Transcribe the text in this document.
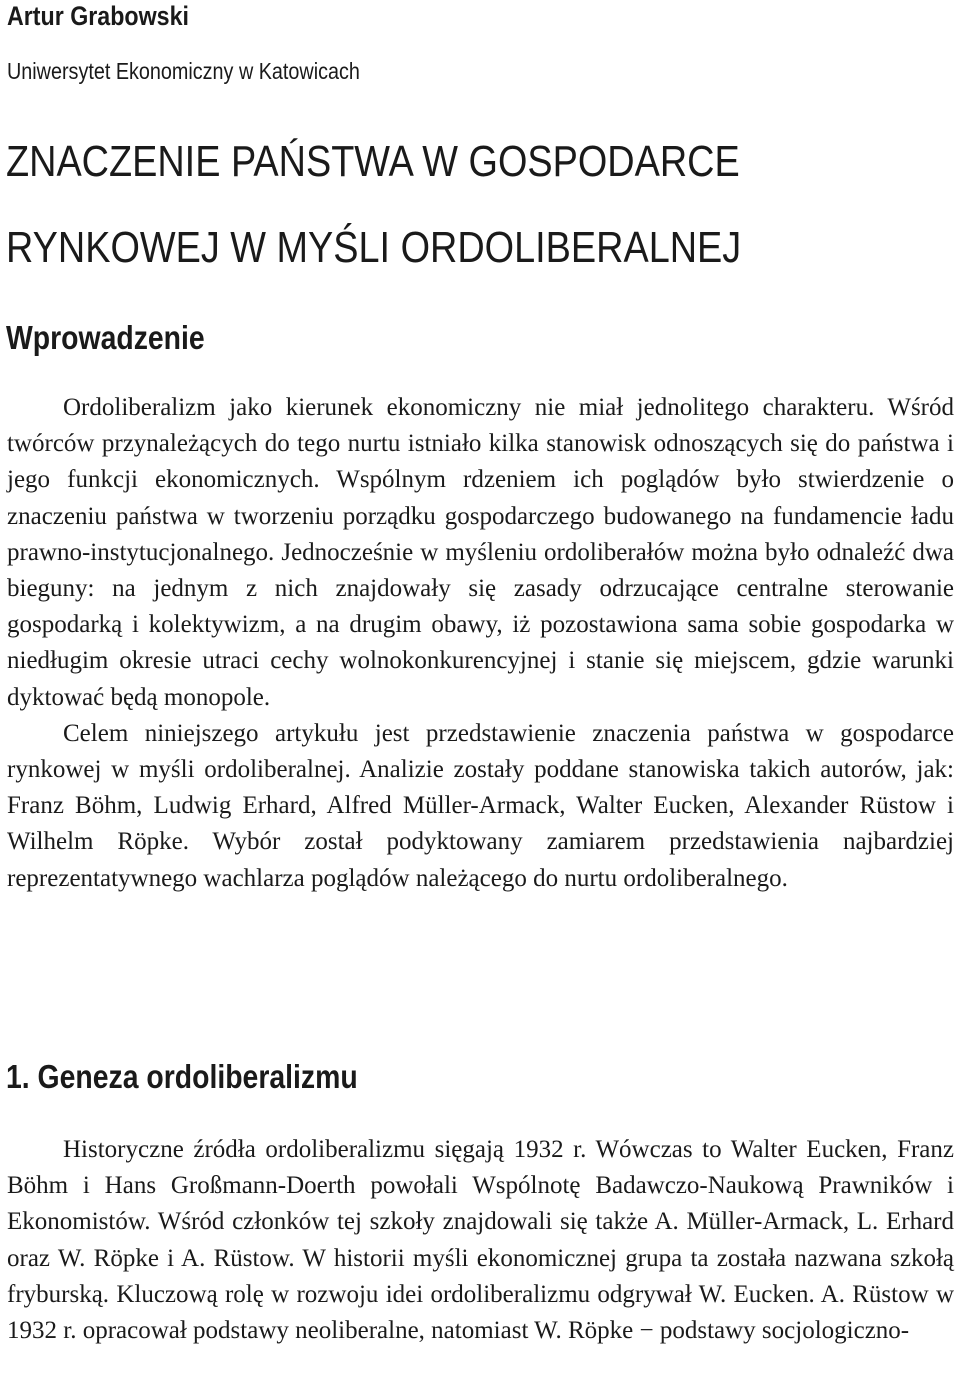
Artur Grabowski
Uniwersytet Ekonomiczny w Katowicach
ZNACZENIE PAŃSTWA W GOSPODARCE
RYNKOWEJ W MYŚLI ORDOLIBERALNEJ
Wprowadzenie

Ordoliberalizm jako kierunek ekonomiczny nie miał jednolitego charakteru. Wśród twórców przynależących do tego nurtu istniało kilka stanowisk odnoszących się do państwa i jego funkcji ekonomicznych. Wspólnym rdzeniem ich poglądów było stwierdzenie o znaczeniu państwa w tworzeniu porządku gospodarczego budowanego na fundamencie ładu prawno-instytucjonalnego. Jednocześnie w myśleniu ordoliberałów można było odnaleźć dwa bieguny: na jednym z nich znajdowały się zasady odrzucające centralne sterowanie gospodarką i kolektywizm, a na drugim obawy, iż pozostawiona sama sobie gospodarka w niedługim okresie utraci cechy wolnokonkurencyjnej i stanie się miejscem, gdzie warunki dyktować będą monopole.

Celem niniejszego artykułu jest przedstawienie znaczenia państwa w gospodarce rynkowej w myśli ordoliberalnej. Analizie zostały poddane stanowiska takich autorów, jak: Franz Böhm, Ludwig Erhard, Alfred Müller-Armack, Walter Eucken, Alexander Rüstow i Wilhelm Röpke. Wybór został podyktowany zamiarem przedstawienia najbardziej reprezentatywnego wachlarza poglądów należącego do nurtu ordoliberalnego.

1. Geneza ordoliberalizmu

Historyczne źródła ordoliberalizmu sięgają 1932 r. Wówczas to Walter Eucken, Franz Böhm i Hans Großmann-Doerth powołali Wspólnotę Badawczo-Naukową Prawników i Ekonomistów. Wśród członków tej szkoły znajdowali się także A. Müller-Armack, L. Erhard oraz W. Röpke i A. Rüstow. W historii myśli ekonomicznej grupa ta została nazwana szkołą fryburską. Kluczową rolę w rozwoju idei ordoliberalizmu odgrywał W. Eucken. A. Rüstow w 1932 r. opracował podstawy neoliberalne, natomiast W. Röpke − podstawy socjologiczno-
